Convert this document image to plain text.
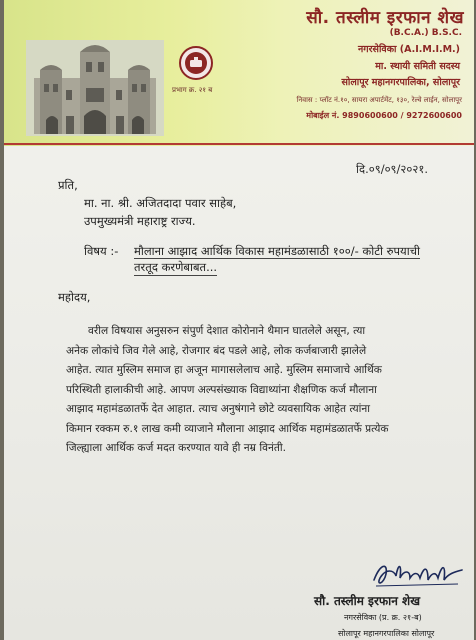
प्रभाग क्र. २१ ब
सौ. तस्लीम इरफान शेख
(B.C.A.) B.S.C.
नगरसेविका (A.I.M.I.M.)
मा. स्थायी समिती सदस्य
सोलापूर महानगरपालिका, सोलापूर
निवास : प्लॉट नं.१०, सायरा अपार्टमेंट, १३०, रेल्वे लाईन, सोलापूर
मोबाईल नं. 9890600600 / 9272600600
दि.०९/०९/२०२१.
प्रति,
मा. ना. श्री. अजितदादा पवार साहेब,
उपमुख्यमंत्री महाराष्ट्र राज्य.
विषय :- मौलाना आझाद आर्थिक विकास महामंडळासाठी १००/- कोटी रुपयाची
तरतूद करणेबाबत...
महोदय,
वरील विषयास अनुसरुन संपुर्ण देशात कोरोनाने थैमान घातलेले असून, त्या
अनेक लोकांचे जिव गेले आहे, रोजगार बंद पडले आहे, लोक कर्जबाजारी झालेले
आहेत. त्यात मुस्लिम समाज हा अजून मागासलेलाच आहे. मुस्लिम समाजाचे आर्थिक
परिस्थिती हालाकीची आहे. आपण अल्पसंख्याक विद्याथ्यांना शैक्षणिक कर्ज मौलाना
आझाद महामंडळातर्फे देत आहात. त्याच अनुषंगाने छोटे व्यवसायिक आहेत त्यांना
किमान रक्कम रु.१ लाख कमी व्याजाने मौलाना आझाद आर्थिक महामंडळातर्फे प्रत्येक
जिल्ह्याला आर्थिक कर्ज मदत करण्यात यावे ही नम्र विनंती.
सौ. तस्लीम इरफान शेख
नगरसेविका (प्र. क्र. २१-ब)
सोलापूर महानगरपालिका सोलापूर
